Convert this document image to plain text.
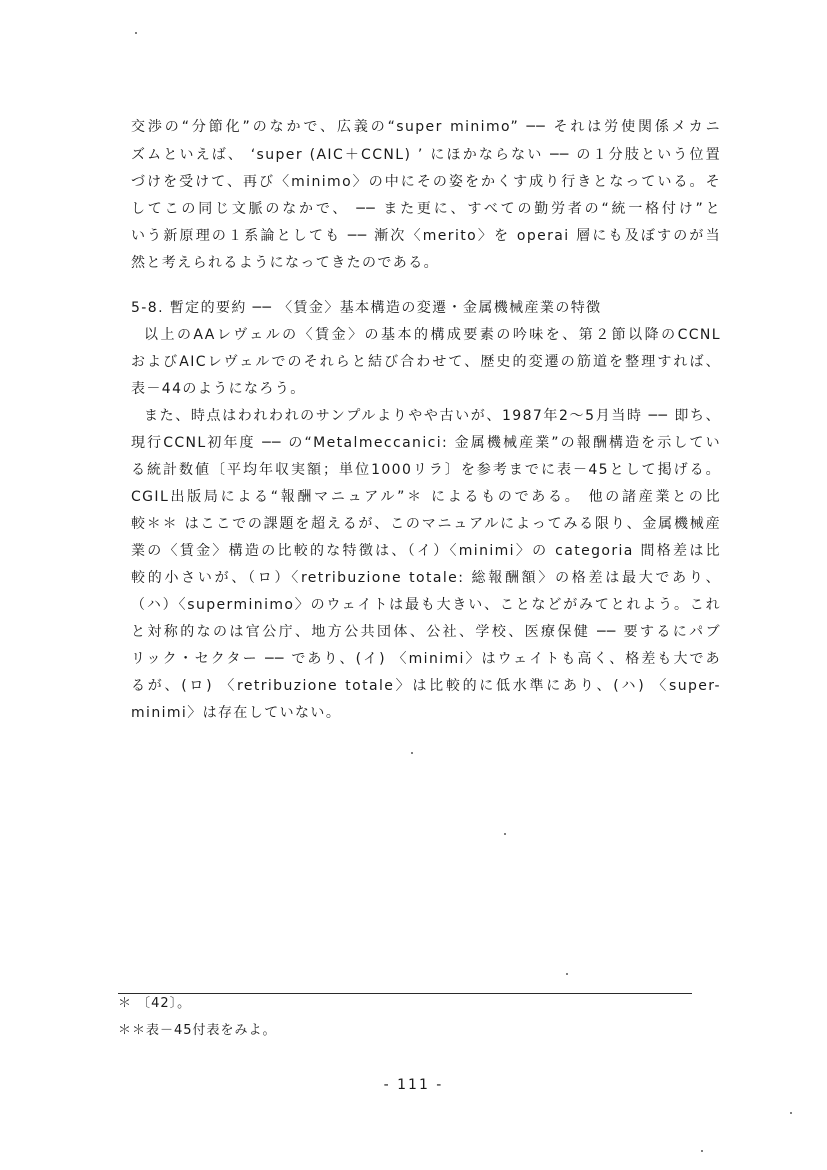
交渉の“分節化”のなかで、広義の“super minimo” ── それは労使関係メカニ
ズムといえば、 ‘super (AIC＋CCNL) ’ にほかならない ── の１分肢という位置
づけを受けて、再び〈minimo〉の中にその姿をかくす成り行きとなっている。そ
してこの同じ文脈のなかで、 ── また更に、すべての勤労者の“統一格付け”と
いう新原理の１系論としても ── 漸次〈merito〉を operai 層にも及ぼすのが当
然と考えられるようになってきたのである。
5-8. 暫定的要約 ── 〈賃金〉基本構造の変遷・金属機械産業の特徴
以上のAAレヴェルの〈賃金〉の基本的構成要素の吟味を、第２節以降のCCNL
およびAICレヴェルでのそれらと結び合わせて、歴史的変遷の筋道を整理すれば、
表－44のようになろう。
また、時点はわれわれのサンプルよりやや古いが、1987年2～5月当時 ── 即ち、
現行CCNL初年度 ── の“Metalmeccanici: 金属機械産業”の報酬構造を示してい
る統計数値〔平均年収実額；単位1000リラ〕を参考までに表－45として掲げる。
CGIL出版局による“報酬マニュアル”＊ によるものである。 他の諸産業との比
較＊＊ はここでの課題を超えるが、このマニュアルによってみる限り、金属機械産
業の〈賃金〉構造の比較的な特徴は、（イ）〈minimi〉の categoria 間格差は比
較的小さいが、（ロ）〈retribuzione totale: 総報酬額〉の格差は最大であり、
（ハ）〈superminimo〉のウェイトは最も大きい、ことなどがみてとれよう。これ
と対称的なのは官公庁、地方公共団体、公社、学校、医療保健 ── 要するにパブ
リック・セクター ── であり、(イ) 〈minimi〉はウェイトも高く、格差も大であ
るが、(ロ) 〈retribuzione totale〉は比較的に低水準にあり、(ハ) 〈super-
minimi〉は存在していない。
＊ 〔42〕。
＊＊表－45付表をみよ。
- 111 -
